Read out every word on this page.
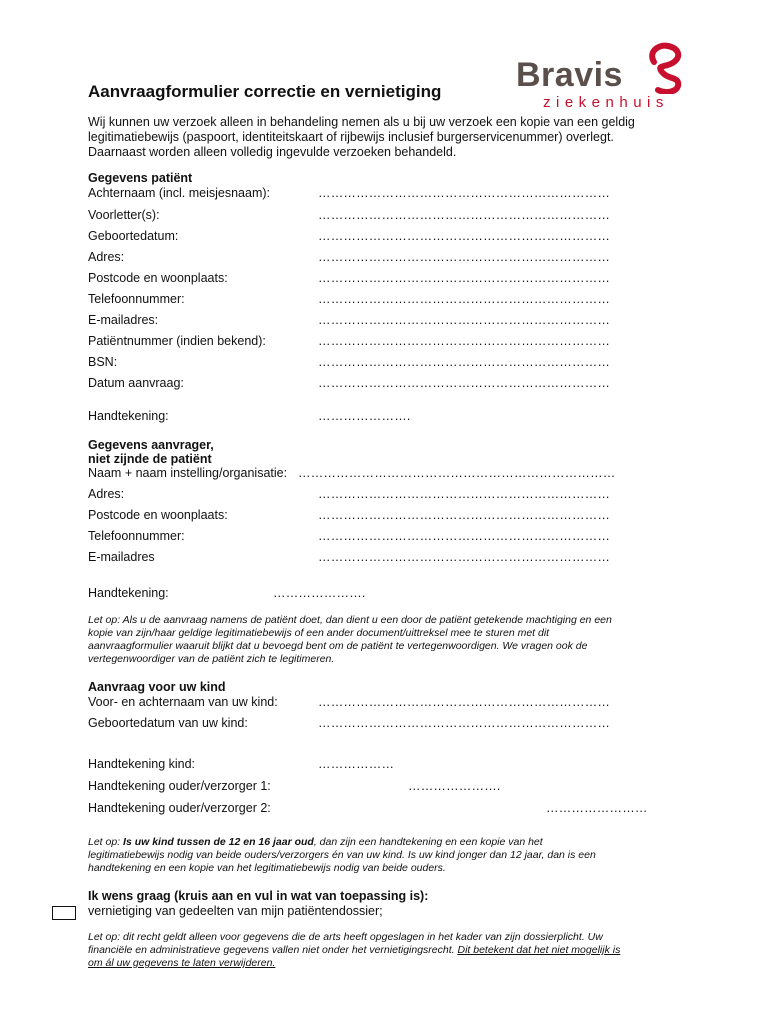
Bravis
ziekenhuis
Aanvraagformulier correctie en vernietiging
Wij kunnen uw verzoek alleen in behandeling nemen als u bij uw verzoek een kopie van een geldig
legitimatiebewijs (paspoort, identiteitskaart of rijbewijs inclusief burgerservicenummer) overlegt.
Daarnaast worden alleen volledig ingevulde verzoeken behandeld.
Gegevens patiënt
Achternaam (incl. meisjesnaam):	……………………………………………………………
Voorletter(s):	……………………………………………………………
Geboortedatum:	……………………………………………………………
Adres:	……………………………………………………………
Postcode en woonplaats:	……………………………………………………………
Telefoonnummer:	……………………………………………………………
E-mailadres:	……………………………………………………………
Patiëntnummer (indien bekend):	……………………………………………………………
BSN:	……………………………………………………………
Datum aanvraag:	……………………………………………………………
Handtekening:	………………….
Gegevens aanvrager,
niet zijnde de patiënt
Naam + naam instelling/organisatie: …………………………………………………………………
Adres:	……………………………………………………………
Postcode en woonplaats:	……………………………………………………………
Telefoonnummer:	……………………………………………………………
E-mailadres	……………………………………………………………
Handtekening:	………………….
Let op: Als u de aanvraag namens de patiënt doet, dan dient u een door de patiënt getekende machtiging en een
kopie van zijn/haar geldige legitimatiebewijs of een ander document/uittreksel mee te sturen met dit
aanvraagformulier waaruit blijkt dat u bevoegd bent om de patiënt te vertegenwoordigen. We vragen ook de
vertegenwoordiger van de patiënt zich te legitimeren.
Aanvraag voor uw kind
Voor- en achternaam van uw kind:	……………………………………………………………
Geboortedatum van uw kind:	……………………………………………………………
Handtekening kind:	………………
Handtekening ouder/verzorger 1:	………………….
Handtekening ouder/verzorger 2:	……………………
Let op: Is uw kind tussen de 12 en 16 jaar oud, dan zijn een handtekening en een kopie van het
legitimatiebewijs nodig van beide ouders/verzorgers én van uw kind. Is uw kind jonger dan 12 jaar, dan is een
handtekening en een kopie van het legitimatiebewijs nodig van beide ouders.
Ik wens graag (kruis aan en vul in wat van toepassing is):
vernietiging van gedeelten van mijn patiëntendossier;
Let op: dit recht geldt alleen voor gegevens die de arts heeft opgeslagen in het kader van zijn dossierplicht. Uw
financiële en administratieve gegevens vallen niet onder het vernietigingsrecht. Dit betekent dat het niet mogelijk is
om ál uw gegevens te laten verwijderen.
